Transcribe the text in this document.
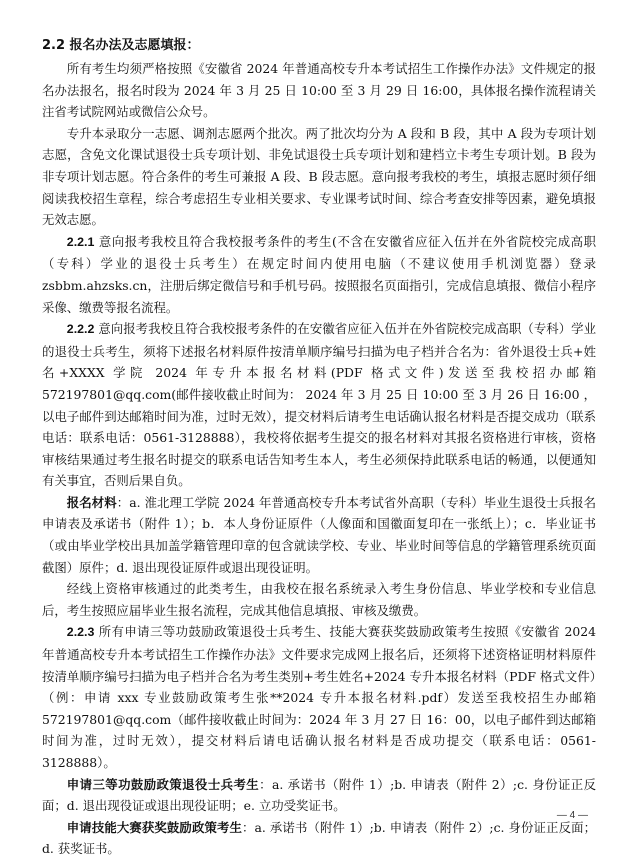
2.2 报名办法及志愿填报：

所有考生均须严格按照《安徽省 2024 年普通高校专升本考试招生工作操作办法》文件规定的报名办法报名，报名时段为 2024 年 3 月 25 日 10:00 至 3 月 29 日 16:00，具体报名操作流程请关注省考试院网站或微信公众号。

专升本录取分一志愿、调剂志愿两个批次。两了批次均分为 A 段和 B 段，其中 A 段为专项计划志愿，含免文化课试退役士兵专项计划、非免试退役士兵专项计划和建档立卡考生专项计划。B 段为非专项计划志愿。符合条件的考生可兼报 A 段、B 段志愿。意向报考我校的考生，填报志愿时须仔细阅读我校招生章程，综合考虑招生专业相关要求、专业课考试时间、综合考查安排等因素，避免填报无效志愿。

2.2.1 意向报考我校且符合我校报考条件的考生(不含在安徽省应征入伍并在外省院校完成高职（专科）学业的退役士兵考生）在规定时间内使用电脑（不建议使用手机浏览器）登录 zsbbm.ahzsks.cn，注册后绑定微信号和手机号码。按照报名页面指引，完成信息填报、微信小程序采像、缴费等报名流程。

2.2.2 意向报考我校且符合我校报考条件的在安徽省应征入伍并在外省院校完成高职（专科）学业的退役士兵考生，须将下述报名材料原件按清单顺序编号扫描为电子档并合名为：省外退役士兵+姓名+XXXX 学院 2024 年专升本报名材料(PDF 格式文件)发送至我校招办邮箱 572197801@qq.com(邮件接收截止时间为： 2024 年 3 月 25 日 10:00 至 3 月 26 日 16:00 ，以电子邮件到达邮箱时间为准，过时无效），提交材料后请考生电话确认报名材料是否提交成功（联系电话：联系电话：0561-3128888），我校将依据考生提交的报名材料对其报名资格进行审核，资格审核结果通过考生报名时提交的联系电话告知考生本人，考生必须保持此联系电话的畅通，以便通知有关事宜，否则后果自负。

报名材料：a. 淮北理工学院 2024 年普通高校专升本考试省外高职（专科）毕业生退役士兵报名申请表及承诺书（附件 1）；b．本人身份证原件（人像面和国徽面复印在一张纸上）；c．毕业证书（或由毕业学校出具加盖学籍管理印章的包含就读学校、专业、毕业时间等信息的学籍管理系统页面截图）原件；d. 退出现役证原件或退出现役证明。

经线上资格审核通过的此类考生，由我校在报名系统录入考生身份信息、毕业学校和专业信息后，考生按照应届毕业生报名流程，完成其他信息填报、审核及缴费。

2.2.3 所有申请三等功鼓励政策退役士兵考生、技能大赛获奖鼓励政策考生按照《安徽省 2024 年普通高校专升本考试招生工作操作办法》文件要求完成网上报名后，还须将下述资格证明材料原件按清单顺序编号扫描为电子档并合名为考生类别+考生姓名+2024 专升本报名材料（PDF 格式文件）（例：申请 xxx 专业鼓励政策考生张**2024 专升本报名材料.pdf）发送至我校招生办邮箱 572197801@qq.com（邮件接收截止时间为：2024 年 3 月 27 日 16：00，以电子邮件到达邮箱时间为准，过时无效），提交材料后请电话确认报名材料是否成功提交（联系电话：0561-3128888）。

申请三等功鼓励政策退役士兵考生：a. 承诺书（附件 1）;b. 申请表（附件 2）;c. 身份证正反面；d. 退出现役证或退出现役证明；e. 立功受奖证书。

申请技能大赛获奖鼓励政策考生：a. 承诺书（附件 1）;b. 申请表（附件 2）;c. 身份证正反面；d. 获奖证书。

— 4 —
